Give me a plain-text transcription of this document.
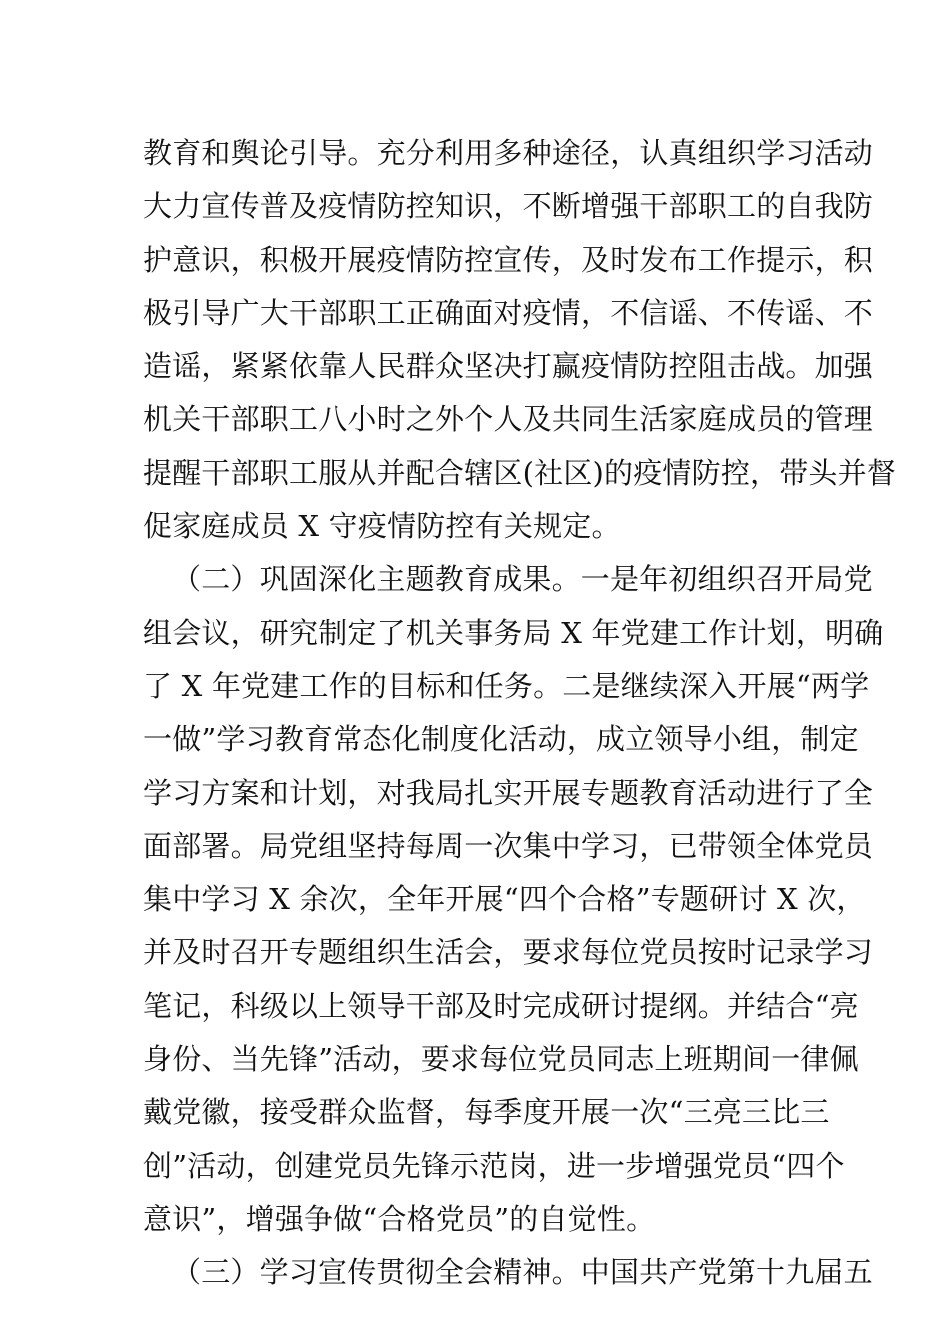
教育和舆论引导。充分利用多种途径，认真组织学习活动
大力宣传普及疫情防控知识，不断增强干部职工的自我防
护意识，积极开展疫情防控宣传，及时发布工作提示，积
极引导广大干部职工正确面对疫情，不信谣、不传谣、不
造谣，紧紧依靠人民群众坚决打赢疫情防控阻击战。加强
机关干部职工八小时之外个人及共同生活家庭成员的管理
提醒干部职工服从并配合辖区(社区)的疫情防控，带头并督
促家庭成员 X 守疫情防控有关规定。
（二）巩固深化主题教育成果。一是年初组织召开局党
组会议，研究制定了机关事务局 X 年党建工作计划，明确
了 X 年党建工作的目标和任务。二是继续深入开展“两学
一做”学习教育常态化制度化活动，成立领导小组，制定
学习方案和计划，对我局扎实开展专题教育活动进行了全
面部署。局党组坚持每周一次集中学习，已带领全体党员
集中学习 X 余次，全年开展“四个合格”专题研讨 X 次，
并及时召开专题组织生活会，要求每位党员按时记录学习
笔记，科级以上领导干部及时完成研讨提纲。并结合“亮
身份、当先锋”活动，要求每位党员同志上班期间一律佩
戴党徽，接受群众监督，每季度开展一次“三亮三比三
创”活动，创建党员先锋示范岗，进一步增强党员“四个
意识”，增强争做“合格党员”的自觉性。
（三）学习宣传贯彻全会精神。中国共产党第十九届五
